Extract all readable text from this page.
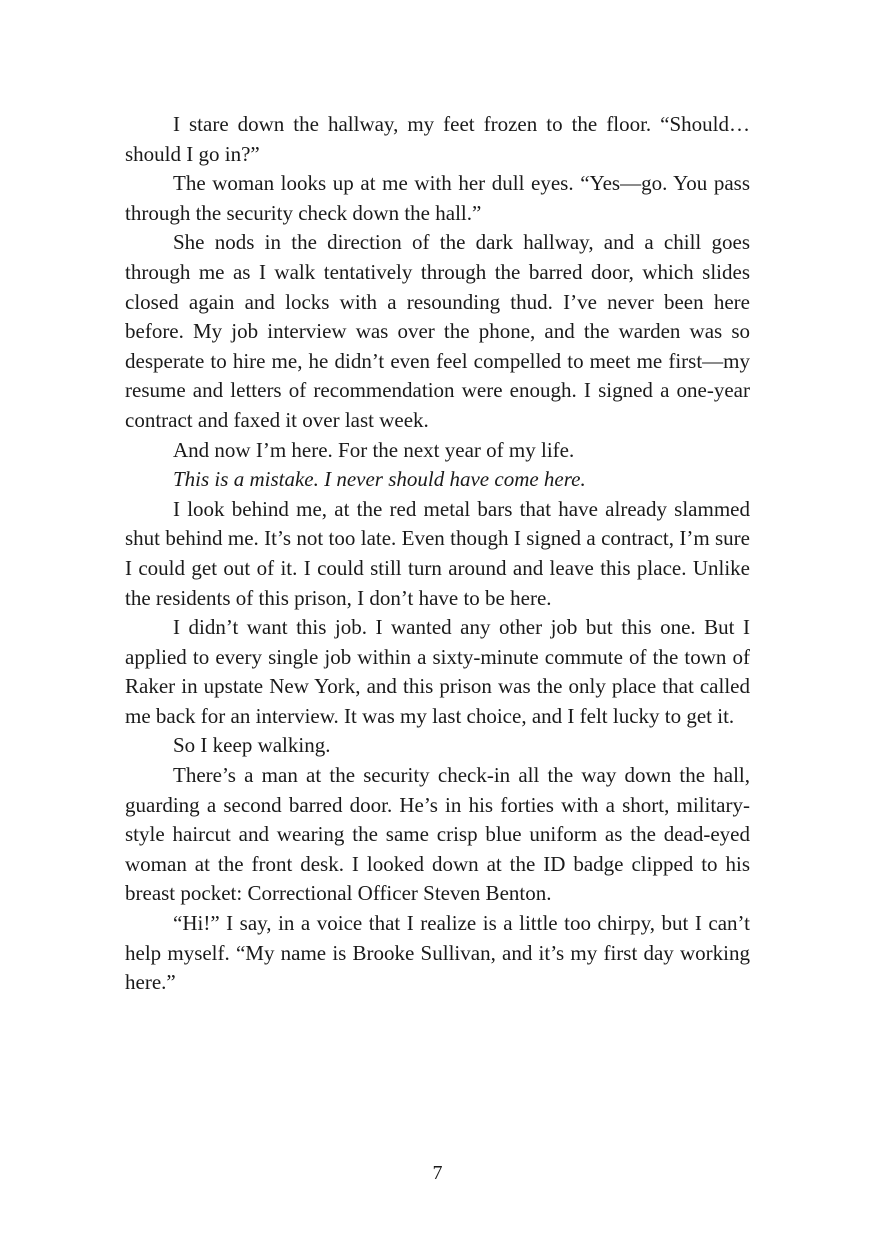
I stare down the hallway, my feet frozen to the floor. “Should… should I go in?”

The woman looks up at me with her dull eyes. “Yes—go. You pass through the security check down the hall.”

She nods in the direction of the dark hallway, and a chill goes through me as I walk tentatively through the barred door, which slides closed again and locks with a resounding thud. I’ve never been here before. My job interview was over the phone, and the warden was so desperate to hire me, he didn’t even feel compelled to meet me first—my resume and letters of recommendation were enough. I signed a one-year contract and faxed it over last week.

And now I’m here. For the next year of my life.

This is a mistake. I never should have come here.

I look behind me, at the red metal bars that have already slammed shut behind me. It’s not too late. Even though I signed a contract, I’m sure I could get out of it. I could still turn around and leave this place. Unlike the residents of this prison, I don’t have to be here.

I didn’t want this job. I wanted any other job but this one. But I applied to every single job within a sixty-minute commute of the town of Raker in upstate New York, and this prison was the only place that called me back for an interview. It was my last choice, and I felt lucky to get it.

So I keep walking.

There’s a man at the security check-in all the way down the hall, guarding a second barred door. He’s in his forties with a short, military-style haircut and wearing the same crisp blue uniform as the dead-eyed woman at the front desk. I looked down at the ID badge clipped to his breast pocket: Correctional Officer Steven Benton.

“Hi!” I say, in a voice that I realize is a little too chirpy, but I can’t help myself. “My name is Brooke Sullivan, and it’s my first day working here.”

7
